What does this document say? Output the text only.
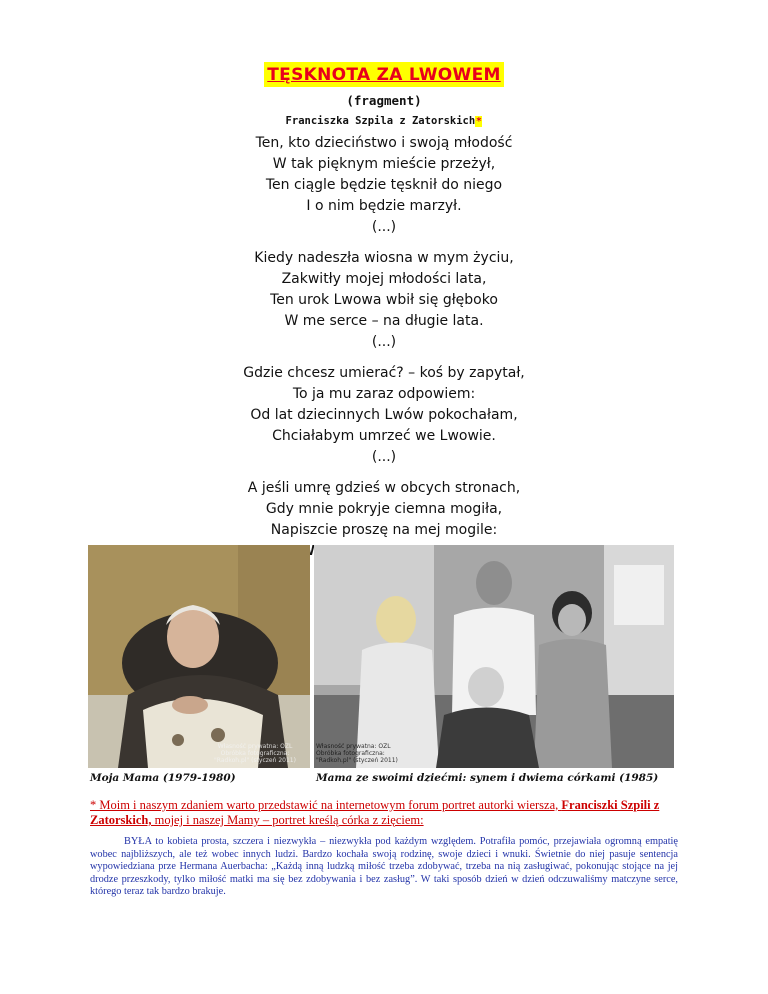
TĘSKNOTA ZA LWOWEM
(fragment)
Franciszka Szpila z Zatorskich*
Ten, kto dzieciństwo i swoją młodość
W tak pięknym mieście przeżył,
Ten ciągle będzie tęsknił do niego
I o nim będzie marzył.
(...)
Kiedy nadeszła wiosna w mym życiu,
Zakwitły mojej młodości lata,
Ten urok Lwowa wbił się głęboko
W me serce – na długie lata.
(...)
Gdzie chcesz umierać? – koś by zapytał,
To ja mu zaraz odpowiem:
Od lat dziecinnych Lwów pokochałam,
Chciałabym umrzeć we Lwowie.
(...)
A jeśli umrę gdzieś w obcych stronach,
Gdy mnie pokryje ciemna mogiła,
Napiszcie proszę na mej mogile:
WE
Własność prywatna: OZL
Obróbka fotograficzna:
"Radkoh.pl" (styczeń 2011)
Własność prywatna: OZL
Obróbka fotograficzna:
"Radkoh.pl" (styczeń 2011)
Moja Mama (1979-1980)	Mama ze swoimi dziećmi: synem i dwiema córkami (1985)
* Moim i naszym zdaniem warto przedstawić na internetowym forum portret autorki wiersza, Franciszki Szpili z Zatorskich, mojej i naszej Mamy – portret kreślą córka z zięciem:
BYŁA to kobieta prosta, szczera i niezwykła – niezwykła pod każdym względem. Potrafiła pomóc, przejawiała ogromną empatię wobec najbliższych, ale też wobec innych ludzi. Bardzo kochała swoją rodzinę, swoje dzieci i wnuki. Świetnie do niej pasuje sentencja wypowiedziana prze Hermana Auerbacha: „Każdą inną ludzką miłość trzeba zdobywać, trzeba na nią zasługiwać, pokonując stojące na jej drodze przeszkody, tylko miłość matki ma się bez zdobywania i bez zasług”. W taki sposób dzień w dzień odczuwaliśmy matczyne serce, którego teraz tak bardzo brakuje.
